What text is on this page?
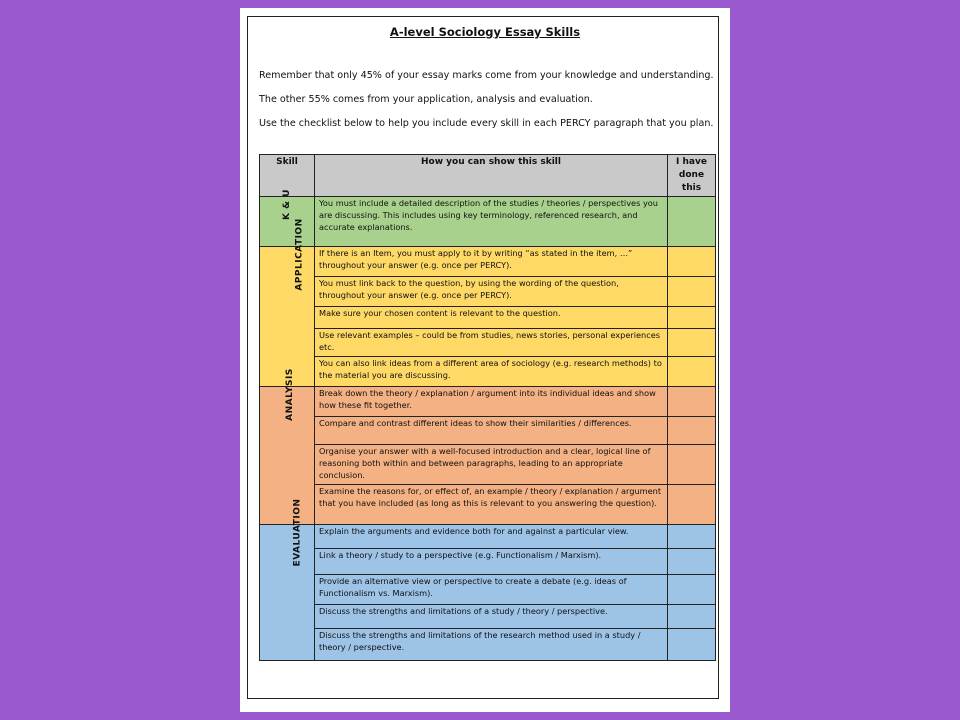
A-level Sociology Essay Skills
Remember that only 45% of your essay marks come from your knowledge and understanding.
The other 55% comes from your application, analysis and evaluation.
Use the checklist below to help you include every skill in each PERCY paragraph that you plan.
Skill	How you can show this skill	I have done this
K & U	You must include a detailed description of the studies / theories / perspectives you are discussing. This includes using key terminology, referenced research, and accurate explanations.	
APPLICATION	If there is an Item, you must apply to it by writing “as stated in the item, …” throughout your answer (e.g. once per PERCY).	
	You must link back to the question, by using the wording of the question, throughout your answer (e.g. once per PERCY).	
	Make sure your chosen content is relevant to the question.	
	Use relevant examples – could be from studies, news stories, personal experiences etc.	
	You can also link ideas from a different area of sociology (e.g. research methods) to the material you are discussing.	
ANALYSIS	Break down the theory / explanation / argument into its individual ideas and show how these fit together.	
	Compare and contrast different ideas to show their similarities / differences.	
	Organise your answer with a well-focused introduction and a clear, logical line of reasoning both within and between paragraphs, leading to an appropriate conclusion.	
	Examine the reasons for, or effect of, an example / theory / explanation / argument that you have included (as long as this is relevant to you answering the question).	
EVALUATION	Explain the arguments and evidence both for and against a particular view.	
	Link a theory / study to a perspective (e.g. Functionalism / Marxism).	
	Provide an alternative view or perspective to create a debate (e.g. ideas of Functionalism vs. Marxism).	
	Discuss the strengths and limitations of a study / theory / perspective.	
	Discuss the strengths and limitations of the research method used in a study / theory / perspective.	
